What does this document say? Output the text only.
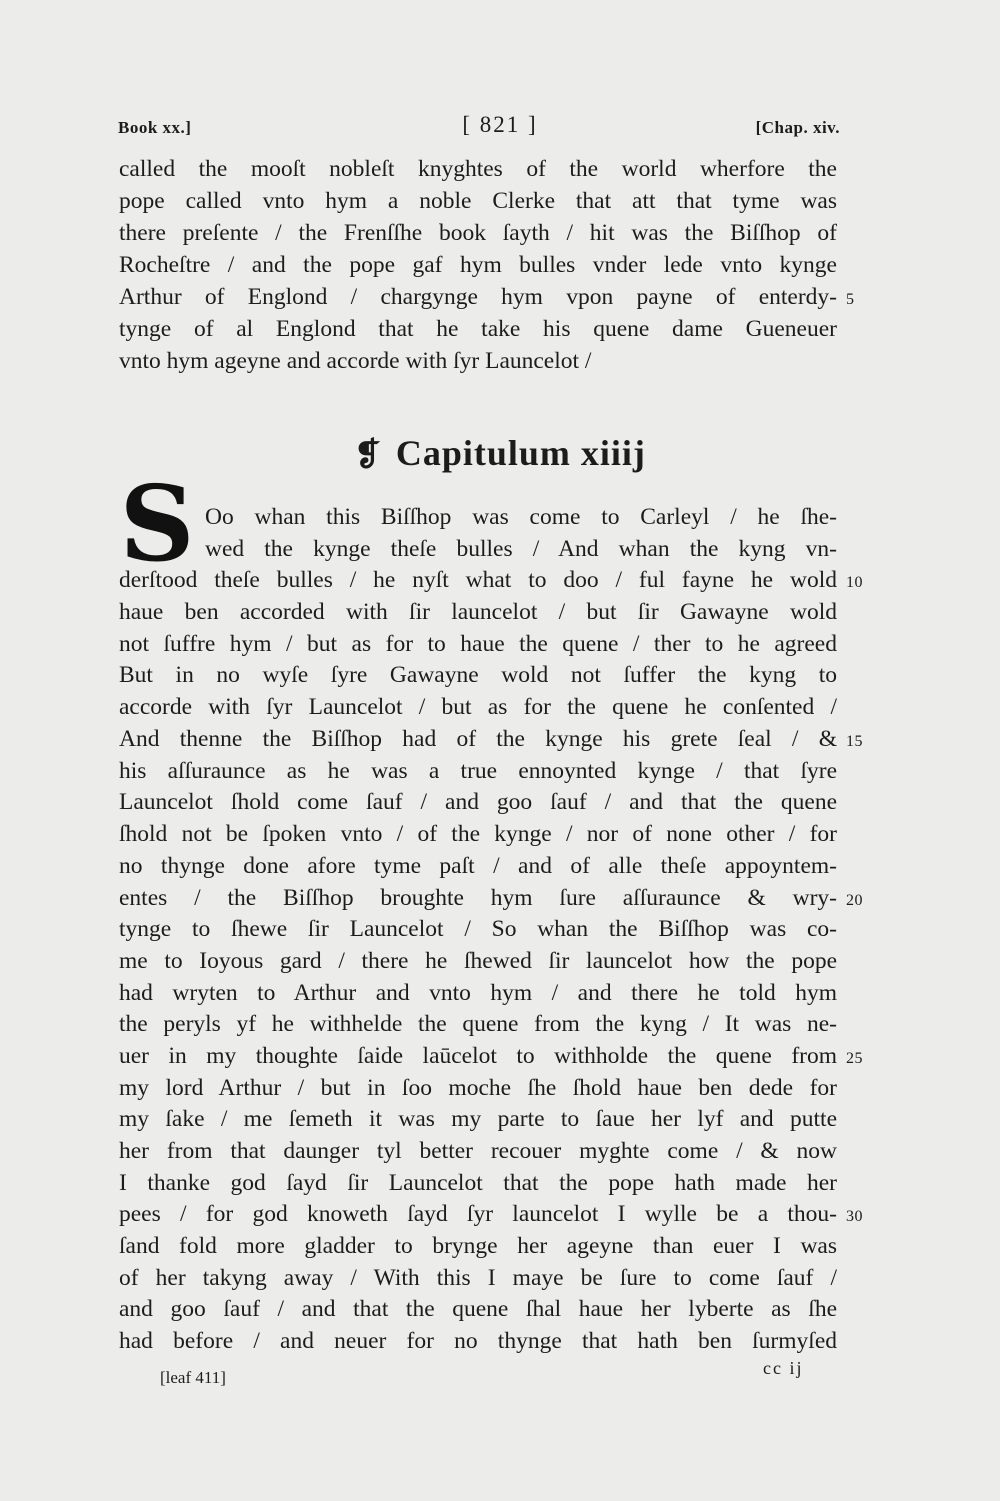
Book xx.]	[ 821 ]	[Chap. xiv.
called the mooſt nobleſt knyghtes of the world wherfore the
pope called vnto hym a noble Clerke that att that tyme was
there preſente / the Frenſſhe book ſayth / hit was the Biſſhop of
Rocheſtre / and the pope gaf hym bulles vnder lede vnto kynge
Arthur of Englond / chargynge hym vpon payne of enterdy-
tynge of al Englond that he take his quene dame Gueneuer
vnto hym ageyne and accorde with ſyr Launcelot /
❡ Capitulum xiiij
S Oo whan this Biſſhop was come to Carleyl / he ſhe-
wed the kynge theſe bulles / And whan the kyng vn-
derſtood theſe bulles / he nyſt what to doo / ful fayne he wold
haue ben accorded with ſir launcelot / but ſir Gawayne wold
not ſuffre hym / but as for to haue the quene / ther to he agreed
But in no wyſe ſyre Gawayne wold not ſuffer the kyng to
accorde with ſyr Launcelot / but as for the quene he conſented /
And thenne the Biſſhop had of the kynge his grete ſeal / &
his aſſuraunce as he was a true ennoynted kynge / that ſyre
Launcelot ſhold come ſauf / and goo ſauf / and that the quene
ſhold not be ſpoken vnto / of the kynge / nor of none other / for
no thynge done afore tyme paſt / and of alle theſe appoyntem-
entes / the Biſſhop broughte hym ſure aſſuraunce & wry-
tynge to ſhewe ſir Launcelot / So whan the Biſſhop was co-
me to Ioyous gard / there he ſhewed ſir launcelot how the pope
had wryten to Arthur and vnto hym / and there he told hym
the peryls yf he withhelde the quene from the kyng / It was ne-
uer in my thoughte ſaide laūcelot to withholde the quene from
my lord Arthur / but in ſoo moche ſhe ſhold haue ben dede for
my ſake / me ſemeth it was my parte to ſaue her lyf and putte
her from that daunger tyl better recouer myghte come / & now
I thanke god ſayd ſir Launcelot that the pope hath made her
pees / for god knoweth ſayd ſyr launcelot I wylle be a thou-
ſand fold more gladder to brynge her ageyne than euer I was
of her takyng away / With this I maye be ſure to come ſauf /
and goo ſauf / and that the quene ſhal haue her lyberte as ſhe
had before / and neuer for no thynge that hath ben ſurmyſed
5
10
15
20
25
30
[leaf 411]	cc ij
